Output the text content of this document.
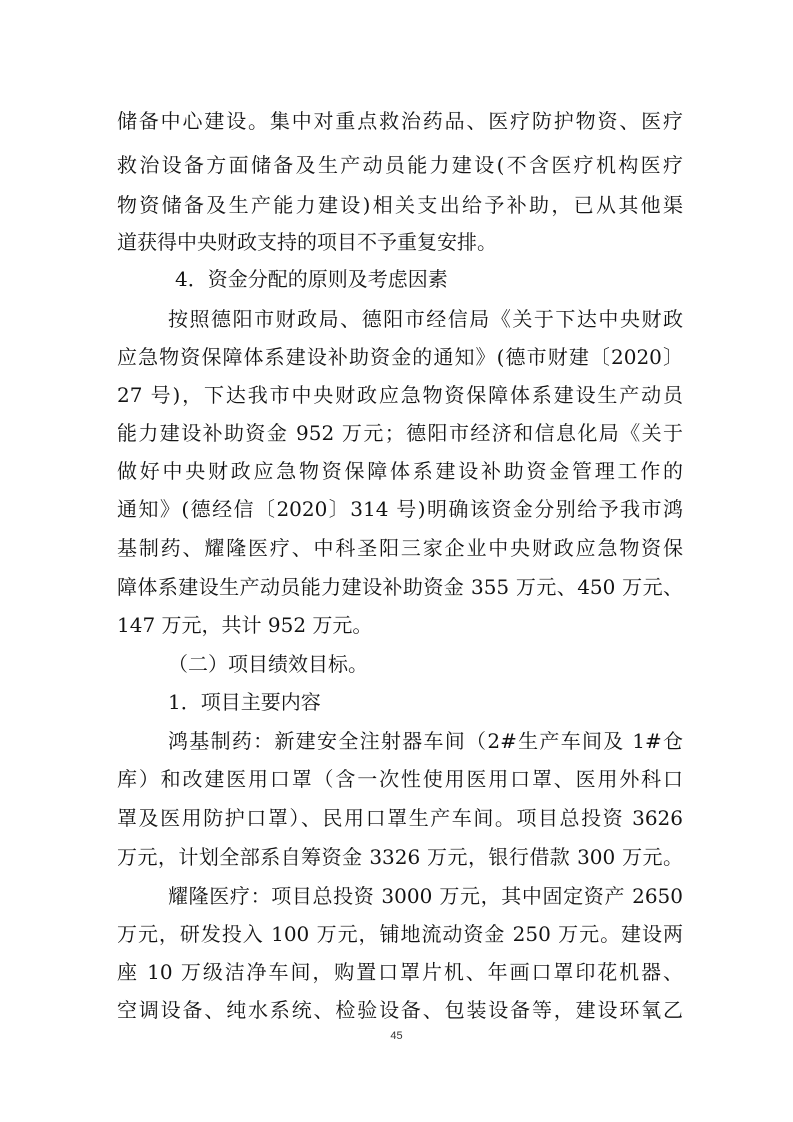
储备中心建设。集中对重点救治药品、医疗防护物资、医疗
救治设备方面储备及生产动员能力建设(不含医疗机构医疗
物资储备及生产能力建设)相关支出给予补助，已从其他渠
道获得中央财政支持的项目不予重复安排。
4．资金分配的原则及考虑因素
按照德阳市财政局、德阳市经信局《关于下达中央财政
应急物资保障体系建设补助资金的通知》(德市财建〔2020〕
27 号)，下达我市中央财政应急物资保障体系建设生产动员
能力建设补助资金 952 万元；德阳市经济和信息化局《关于
做好中央财政应急物资保障体系建设补助资金管理工作的
通知》(德经信〔2020〕314 号)明确该资金分别给予我市鸿
基制药、耀隆医疗、中科圣阳三家企业中央财政应急物资保
障体系建设生产动员能力建设补助资金 355 万元、450 万元、
147 万元，共计 952 万元。
（二）项目绩效目标。
1．项目主要内容
鸿基制药：新建安全注射器车间（2#生产车间及 1#仓
库）和改建医用口罩（含一次性使用医用口罩、医用外科口
罩及医用防护口罩）、民用口罩生产车间。项目总投资 3626
万元，计划全部系自筹资金 3326 万元，银行借款 300 万元。
耀隆医疗：项目总投资 3000 万元，其中固定资产 2650
万元，研发投入 100 万元，铺地流动资金 250 万元。建设两
座 10 万级洁净车间，购置口罩片机、年画口罩印花机器、
空调设备、纯水系统、检验设备、包装设备等，建设环氧乙
45
